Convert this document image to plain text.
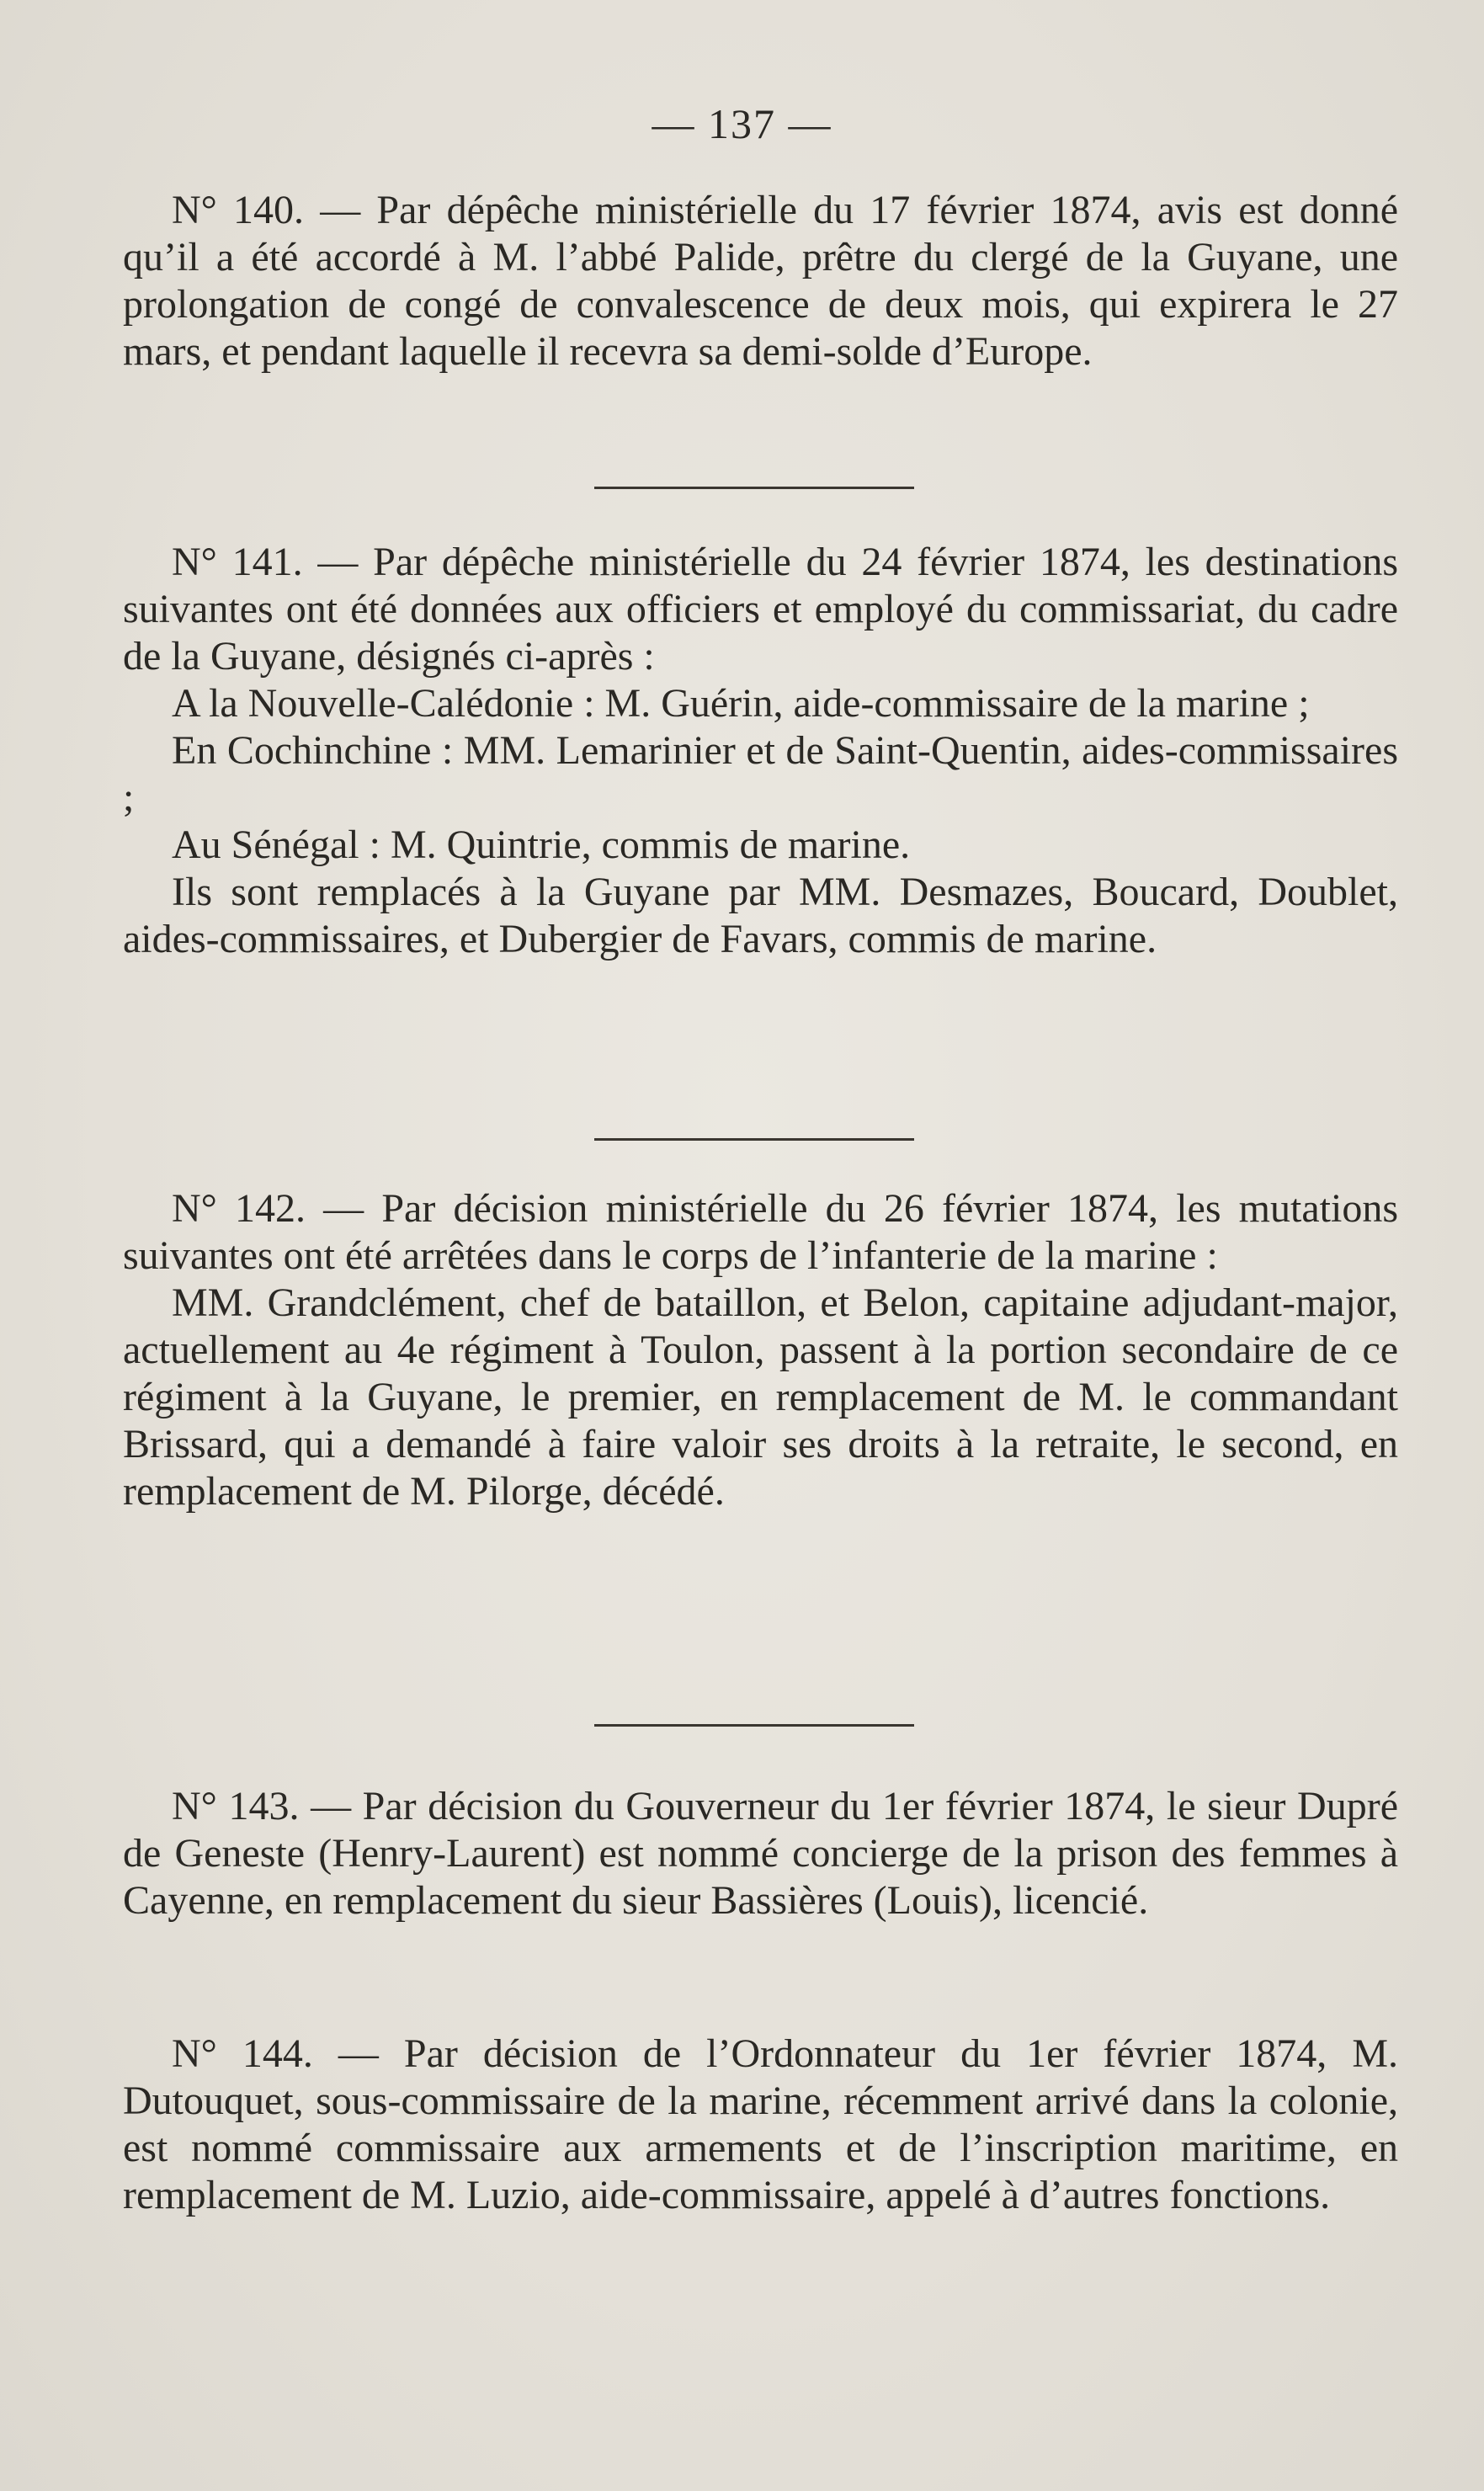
— 137 —

N° 140. — Par dépêche ministérielle du 17 février 1874, avis est donné qu’il a été accordé à M. l’abbé Palide, prêtre du clergé de la Guyane, une prolongation de congé de convalescence de deux mois, qui expirera le 27 mars, et pendant laquelle il recevra sa demi-solde d’Europe.

N° 141. — Par dépêche ministérielle du 24 février 1874, les destinations suivantes ont été données aux officiers et employé du commissariat, du cadre de la Guyane, désignés ci-après :

A la Nouvelle-Calédonie : M. Guérin, aide-commissaire de la marine ;

En Cochinchine : MM. Lemarinier et de Saint-Quentin, aides-commissaires ;

Au Sénégal : M. Quintrie, commis de marine.

Ils sont remplacés à la Guyane par MM. Desmazes, Boucard, Doublet, aides-commissaires, et Dubergier de Favars, commis de marine.

N° 142. — Par décision ministérielle du 26 février 1874, les mutations suivantes ont été arrêtées dans le corps de l’infanterie de la marine :

MM. Grandclément, chef de bataillon, et Belon, capitaine adjudant-major, actuellement au 4e régiment à Toulon, passent à la portion secondaire de ce régiment à la Guyane, le premier, en remplacement de M. le commandant Brissard, qui a demandé à faire valoir ses droits à la retraite, le second, en remplacement de M. Pilorge, décédé.

N° 143. — Par décision du Gouverneur du 1er février 1874, le sieur Dupré de Geneste (Henry-Laurent) est nommé concierge de la prison des femmes à Cayenne, en remplacement du sieur Bassières (Louis), licencié.

N° 144. — Par décision de l’Ordonnateur du 1er février 1874, M. Dutouquet, sous-commissaire de la marine, récemment arrivé dans la colonie, est nommé commissaire aux armements et de l’inscription maritime, en remplacement de M. Luzio, aide-commissaire, appelé à d’autres fonctions.
